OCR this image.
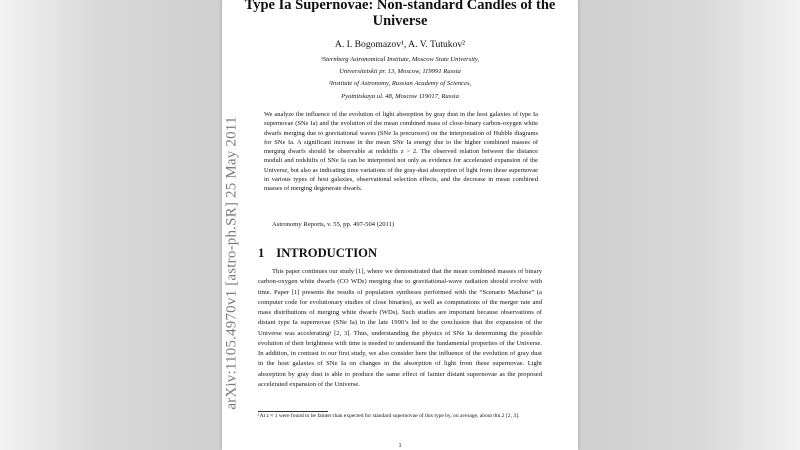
Type Ia Supernovae: Non-standard Candles of the
Universe
A. I. Bogomazov¹, A. V. Tutukov²
¹Sternberg Astronomical Institute, Moscow State University,
Universitetskii pr. 13, Moscow, 119991 Russia
²Institute of Astronomy, Russian Academy of Sciences,
Pyatnitskaya ul. 48, Moscow 119017, Russia
We analyze the influence of the evolution of light absorption by gray dust in the host galaxies of type Ia supernovae (SNe Ia) and the evolution of the mean combined mass of close-binary carbon-oxygen white dwarfs merging due to gravitational waves (SNe Ia precursors) on the interpretation of Hubble diagrams for SNe Ia. A significant increase in the mean SNe Ia energy due to the higher combined masses of merging dwarfs should be observable at redshifts z > 2. The observed relation between the distance moduli and redshifts of SNe Ia can be interpreted not only as evidence for accelerated expansion of the Universe, but also as indicating time variations of the gray-dust absorption of light from these supernovae in various types of host galaxies, observational selection effects, and the decrease in mean combined masses of merging degenerate dwarfs.
Astronomy Reports, v. 55, pp. 497-504 (2011)
1 INTRODUCTION
This paper continues our study [1], where we demonstrated that the mean combined masses of binary carbon-oxygen white dwarfs (CO WDs) merging due to gravitational-wave radiation should evolve with time. Paper [1] presents the results of population syntheses performed with the “Scenario Machine” (a computer code for evolutionary studies of close binaries), as well as computations of the merger rate and mass distributions of merging white dwarfs (WDs). Such studies are important because observations of distant type Ia supernovae (SNe Ia) in the late 1990’s led to the conclusion that the expansion of the Universe was accelerating¹ [2, 3]. Thus, understanding the physics of SNe Ia determining the possible evolution of their brightness with time is needed to understand the fundamental properties of the Universe. In addition, in contrast to our first study, we also consider here the influence of the evolution of gray dust in the host galaxies of SNe Ia on changes in the absorption of light from these supernovae. Light absorption by gray dust is able to produce the same effect of fainter distant supernovae as the proposed accelerated expansion of the Universe.
¹At z ≈ 1 were found to be fainter than expected for standard supernovae of this type by, on average, about 0m.2 [2, 3].
1
arXiv:1105.4970v1 [astro-ph.SR] 25 May 2011
